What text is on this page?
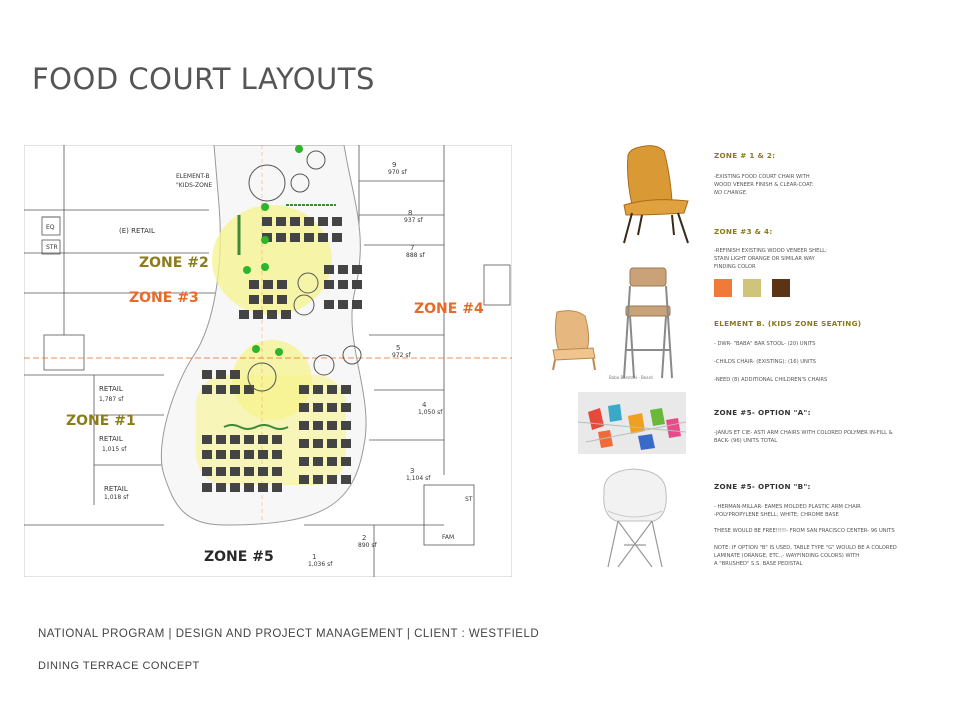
FOOD COURT LAYOUTS
(E) RETAIL
ELEMENT-B
"KIDS-ZONE
EQ
STR
RETAIL
1,787 sf
RETAIL
1,015 sf
RETAIL
1,018 sf	ST
FAM
9
970 sf
8
937 sf
7
888 sf
5
972 sf
4
1,050 sf
3
1,104 sf
2
890 sf
1
1,036 sf
ZONE #2
ZONE #3
ZONE #4
ZONE #1
ZONE #5
Baba Barstool - Beard
ZONE # 1 & 2:
-EXISTING FOOD COURT CHAIR WITH
WOOD VENEER FINISH & CLEAR-COAT:
NO CHANGE.
ZONE #3 & 4:
-REFINISH EXISTING WOOD VENEER SHELL;
STAIN LIGHT ORANGE OR SIMILAR WAY
FINDING COLOR
ELEMENT B. (KIDS ZONE SEATING)
- DWR- "BABA" BAR STOOL- (20) UNITS
-CHILDS CHAIR- (EXISTING): (16) UNITS
-NEED (8) ADDITIONAL CHILDREN'S CHAIRS
ZONE #5- OPTION "A":
-JANUS ET CIE- ASTI ARM CHAIRS WITH COLORED POLYMER IN-FILL &
BACK- (96) UNITS TOTAL
ZONE #5- OPTION "B":
- HERMAN-MILLAR- EAMES MOLDED PLASTIC ARM CHAIR
-POLYPROPYLENE SHELL; WHITE; CHROME BASE
THESE WOULD BE FREE!!!!!- FROM SAN FRACISCO CENTER- 96 UNITS
NOTE: IF OPTION "B" IS USED, TABLE TYPE "G" WOULD BE A COLORED
LAMINATE (ORANGE, ETC.,- WAYFINDING COLORS) WITH
A "BRUSHED" S.S. BASE PEDISTAL
NATIONAL PROGRAM | DESIGN AND PROJECT MANAGEMENT | CLIENT : WESTFIELD
DINING TERRACE CONCEPT
